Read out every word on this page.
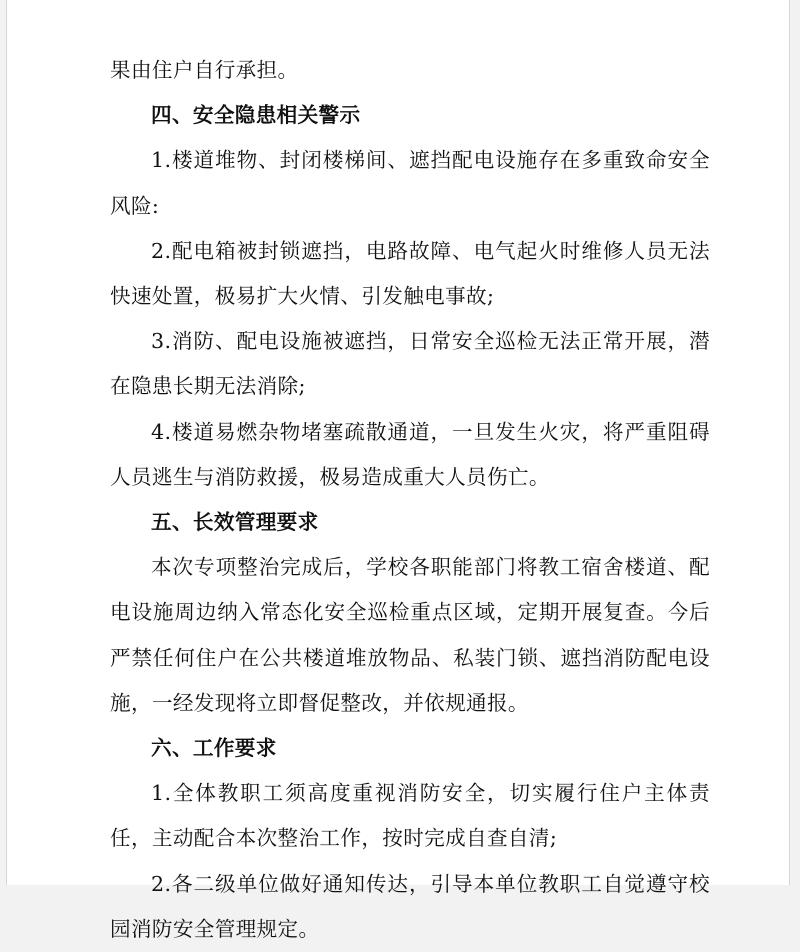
果由住户自行承担。

四、安全隐患相关警示

1.楼道堆物、封闭楼梯间、遮挡配电设施存在多重致命安全风险:

2.配电箱被封锁遮挡，电路故障、电气起火时维修人员无法快速处置，极易扩大火情、引发触电事故;

3.消防、配电设施被遮挡，日常安全巡检无法正常开展，潜在隐患长期无法消除;

4.楼道易燃杂物堵塞疏散通道，一旦发生火灾，将严重阻碍人员逃生与消防救援，极易造成重大人员伤亡。

五、长效管理要求

本次专项整治完成后，学校各职能部门将教工宿舍楼道、配电设施周边纳入常态化安全巡检重点区域，定期开展复查。今后严禁任何住户在公共楼道堆放物品、私装门锁、遮挡消防配电设施，一经发现将立即督促整改，并依规通报。

六、工作要求

1.全体教职工须高度重视消防安全，切实履行住户主体责任，主动配合本次整治工作，按时完成自查自清;

2.各二级单位做好通知传达，引导本单位教职工自觉遵守校园消防安全管理规定。
